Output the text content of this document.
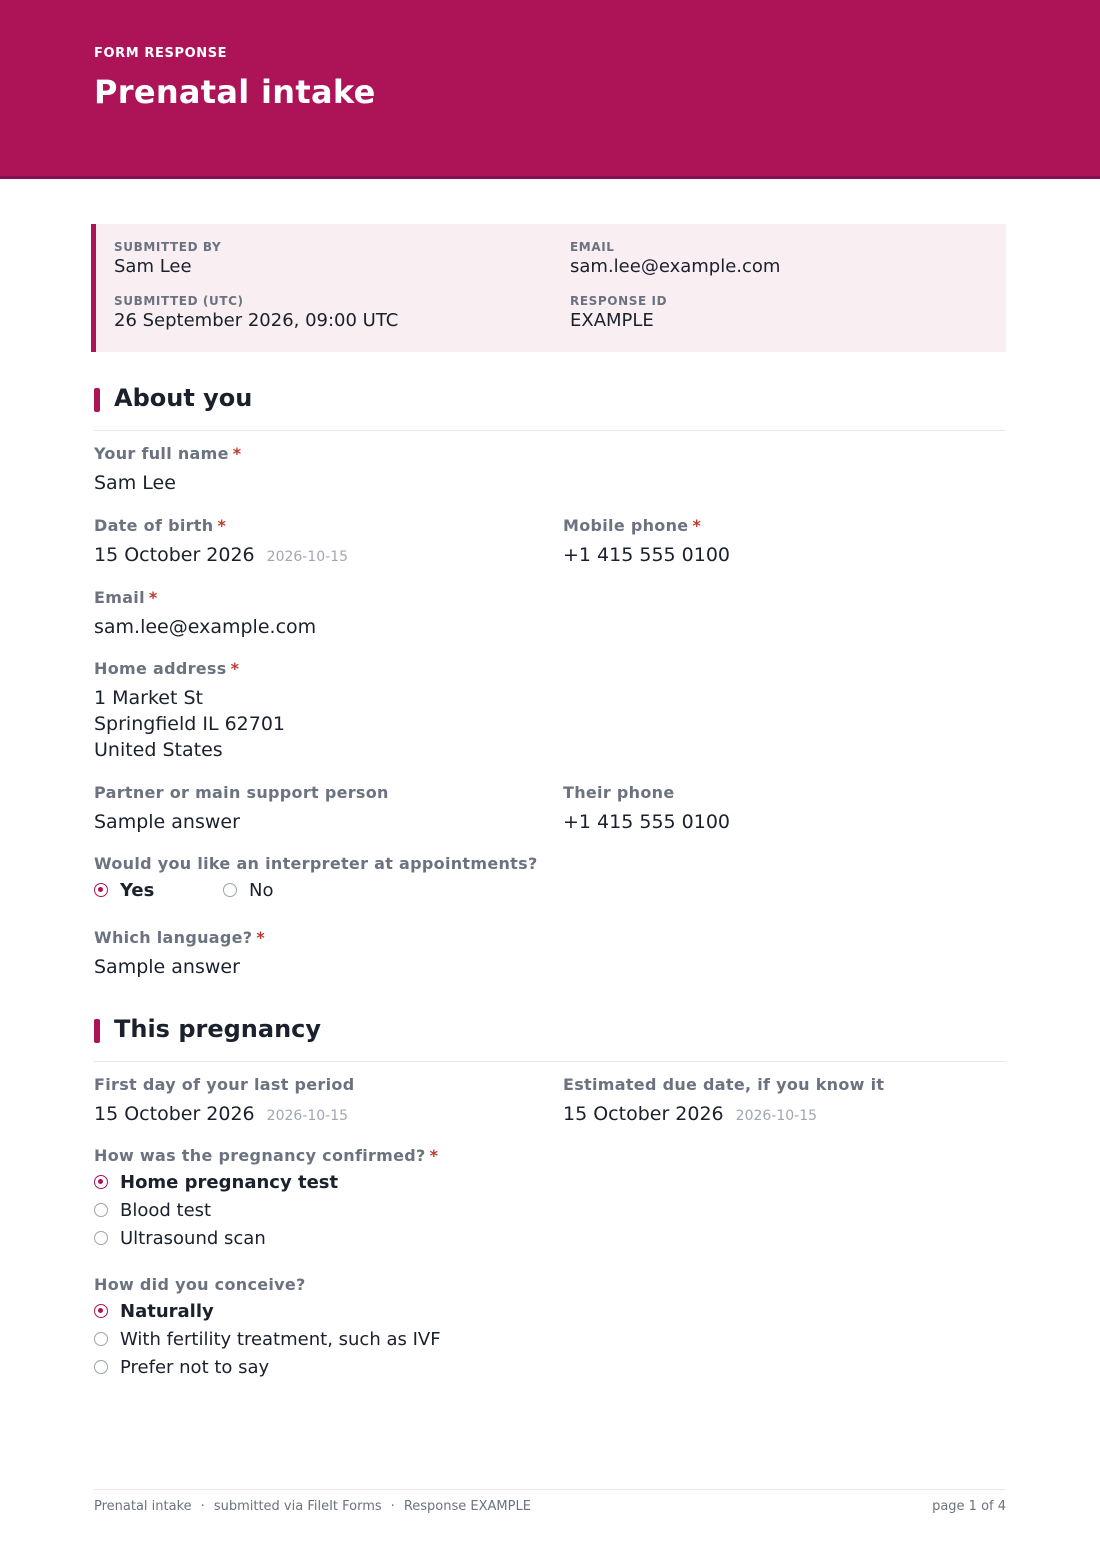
FORM RESPONSE
Prenatal intake
SUBMITTED BY
Sam Lee
EMAIL
sam.lee@example.com
SUBMITTED (UTC)
26 September 2026, 09:00 UTC
RESPONSE ID
EXAMPLE
About you
Your full name *
Sam Lee
Date of birth *
15 October 2026 2026-10-15
Mobile phone *
+1 415 555 0100
Email *
sam.lee@example.com
Home address *
1 Market St
Springfield IL 62701
United States
Partner or main support person
Sample answer
Their phone
+1 415 555 0100
Would you like an interpreter at appointments?
Yes	No
Which language? *
Sample answer
This pregnancy
First day of your last period
15 October 2026 2026-10-15
Estimated due date, if you know it
15 October 2026 2026-10-15
How was the pregnancy confirmed? *
Home pregnancy test
Blood test
Ultrasound scan
How did you conceive?
Naturally
With fertility treatment, such as IVF
Prefer not to say
Prenatal intake · submitted via FileIt Forms · Response EXAMPLE	page 1 of 4
